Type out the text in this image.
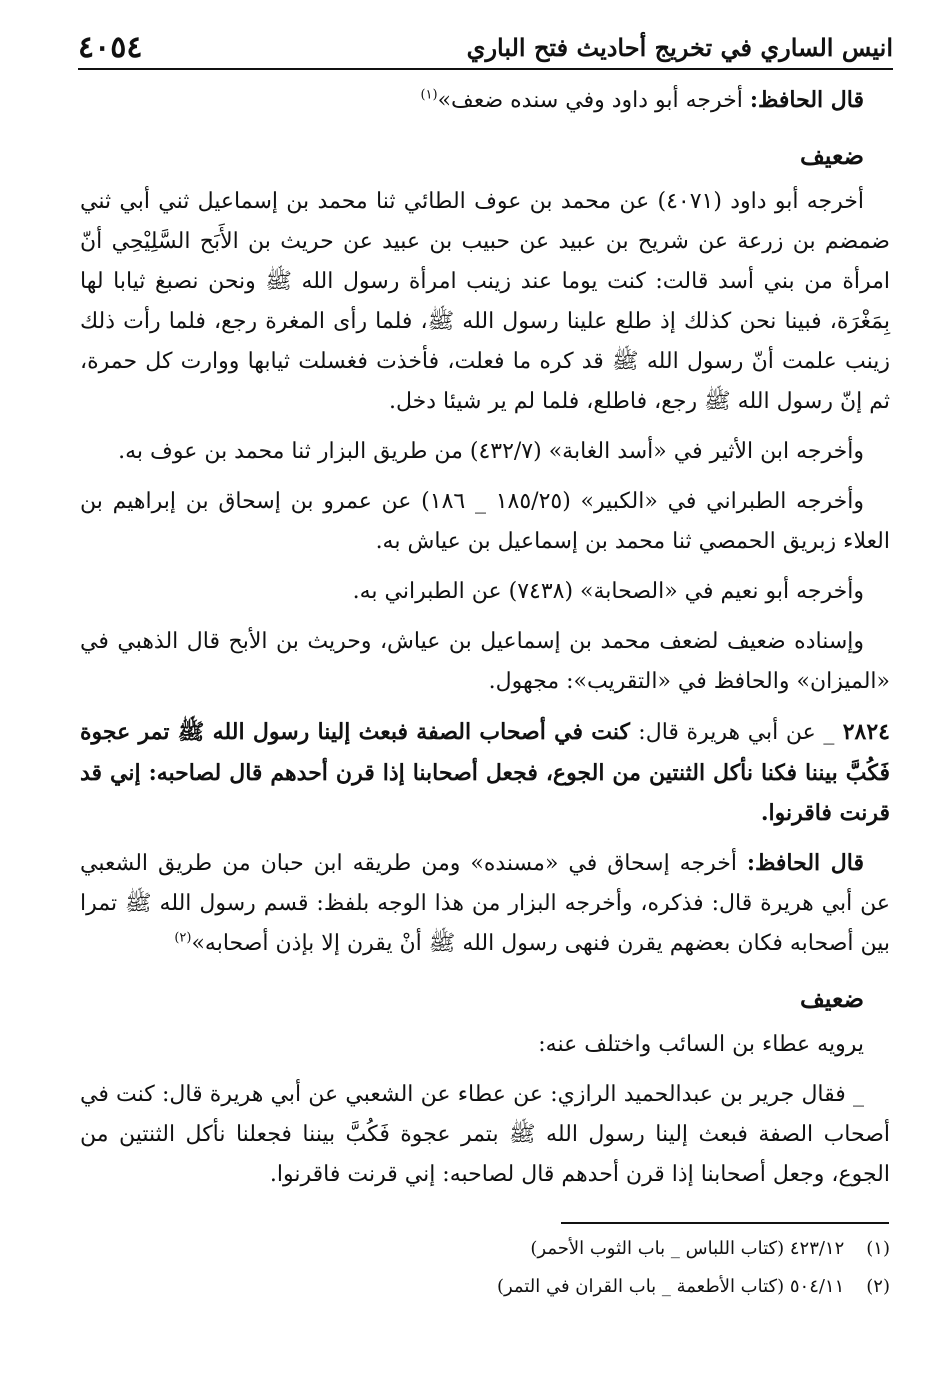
انيس الساري في تخريج أحاديث فتح الباري
٤٠٥٤

قال الحافظ: أخرجه أبو داود وفي سنده ضعف»$^{(١)}$

ضعيف

أخرجه أبو داود (٤٠٧١) عن محمد بن عوف الطائي ثنا محمد بن إسماعيل ثني أبي ثني ضمضم بن زرعة عن شريح بن عبيد عن حبيب بن عبيد عن حريث بن الأَبَح السَّلِيْحِي أنّ امرأة من بني أسد قالت: كنت يوما عند زينب امرأة رسول الله ﷺ ونحن نصبغ ثيابا لها بِمَغْرَة، فبينا نحن كذلك إذ طلع علينا رسول الله ﷺ، فلما رأى المغرة رجع، فلما رأت ذلك زينب علمت أنّ رسول الله ﷺ قد كره ما فعلت، فأخذت فغسلت ثيابها ووارت كل حمرة، ثم إنّ رسول الله ﷺ رجع، فاطلع، فلما لم ير شيئا دخل.

وأخرجه ابن الأثير في «أسد الغابة» (٤٣٢/٧) من طريق البزار ثنا محمد بن عوف به.

وأخرجه الطبراني في «الكبير» (١٨٥/٢٥ _ ١٨٦) عن عمرو بن إسحاق بن إبراهيم بن العلاء زبريق الحمصي ثنا محمد بن إسماعيل بن عياش به.

وأخرجه أبو نعيم في «الصحابة» (٧٤٣٨) عن الطبراني به.

وإسناده ضعيف لضعف محمد بن إسماعيل بن عياش، وحريث بن الأبح قال الذهبي في «الميزان» والحافظ في «التقريب»: مجهول.

٢٨٢٤ _ عن أبي هريرة قال: كنت في أصحاب الصفة فبعث إلينا رسول الله ﷺ تمر عجوة فَكُبَّ بيننا فكنا نأكل الثنتين من الجوع، فجعل أصحابنا إذا قرن أحدهم قال لصاحبه: إني قد قرنت فاقرنوا.

قال الحافظ: أخرجه إسحاق في «مسنده» ومن طريقه ابن حبان من طريق الشعبي عن أبي هريرة قال: فذكره، وأخرجه البزار من هذا الوجه بلفظ: قسم رسول الله ﷺ تمرا بين أصحابه فكان بعضهم يقرن فنهى رسول الله ﷺ أنْ يقرن إلا بإذن أصحابه»$^{(٢)}$

ضعيف

يرويه عطاء بن السائب واختلف عنه:

_ فقال جرير بن عبدالحميد الرازي: عن عطاء عن الشعبي عن أبي هريرة قال: كنت في أصحاب الصفة فبعث إلينا رسول الله ﷺ بتمر عجوة فَكُبَّ بيننا فجعلنا نأكل الثنتين من الجوع، وجعل أصحابنا إذا قرن أحدهم قال لصاحبه: إني قرنت فاقرنوا.

(١)
٤٢٣/١٢ (كتاب اللباس _ باب الثوب الأحمر)
(٢)
٥٠٤/١١ (كتاب الأطعمة _ باب القران في التمر)
